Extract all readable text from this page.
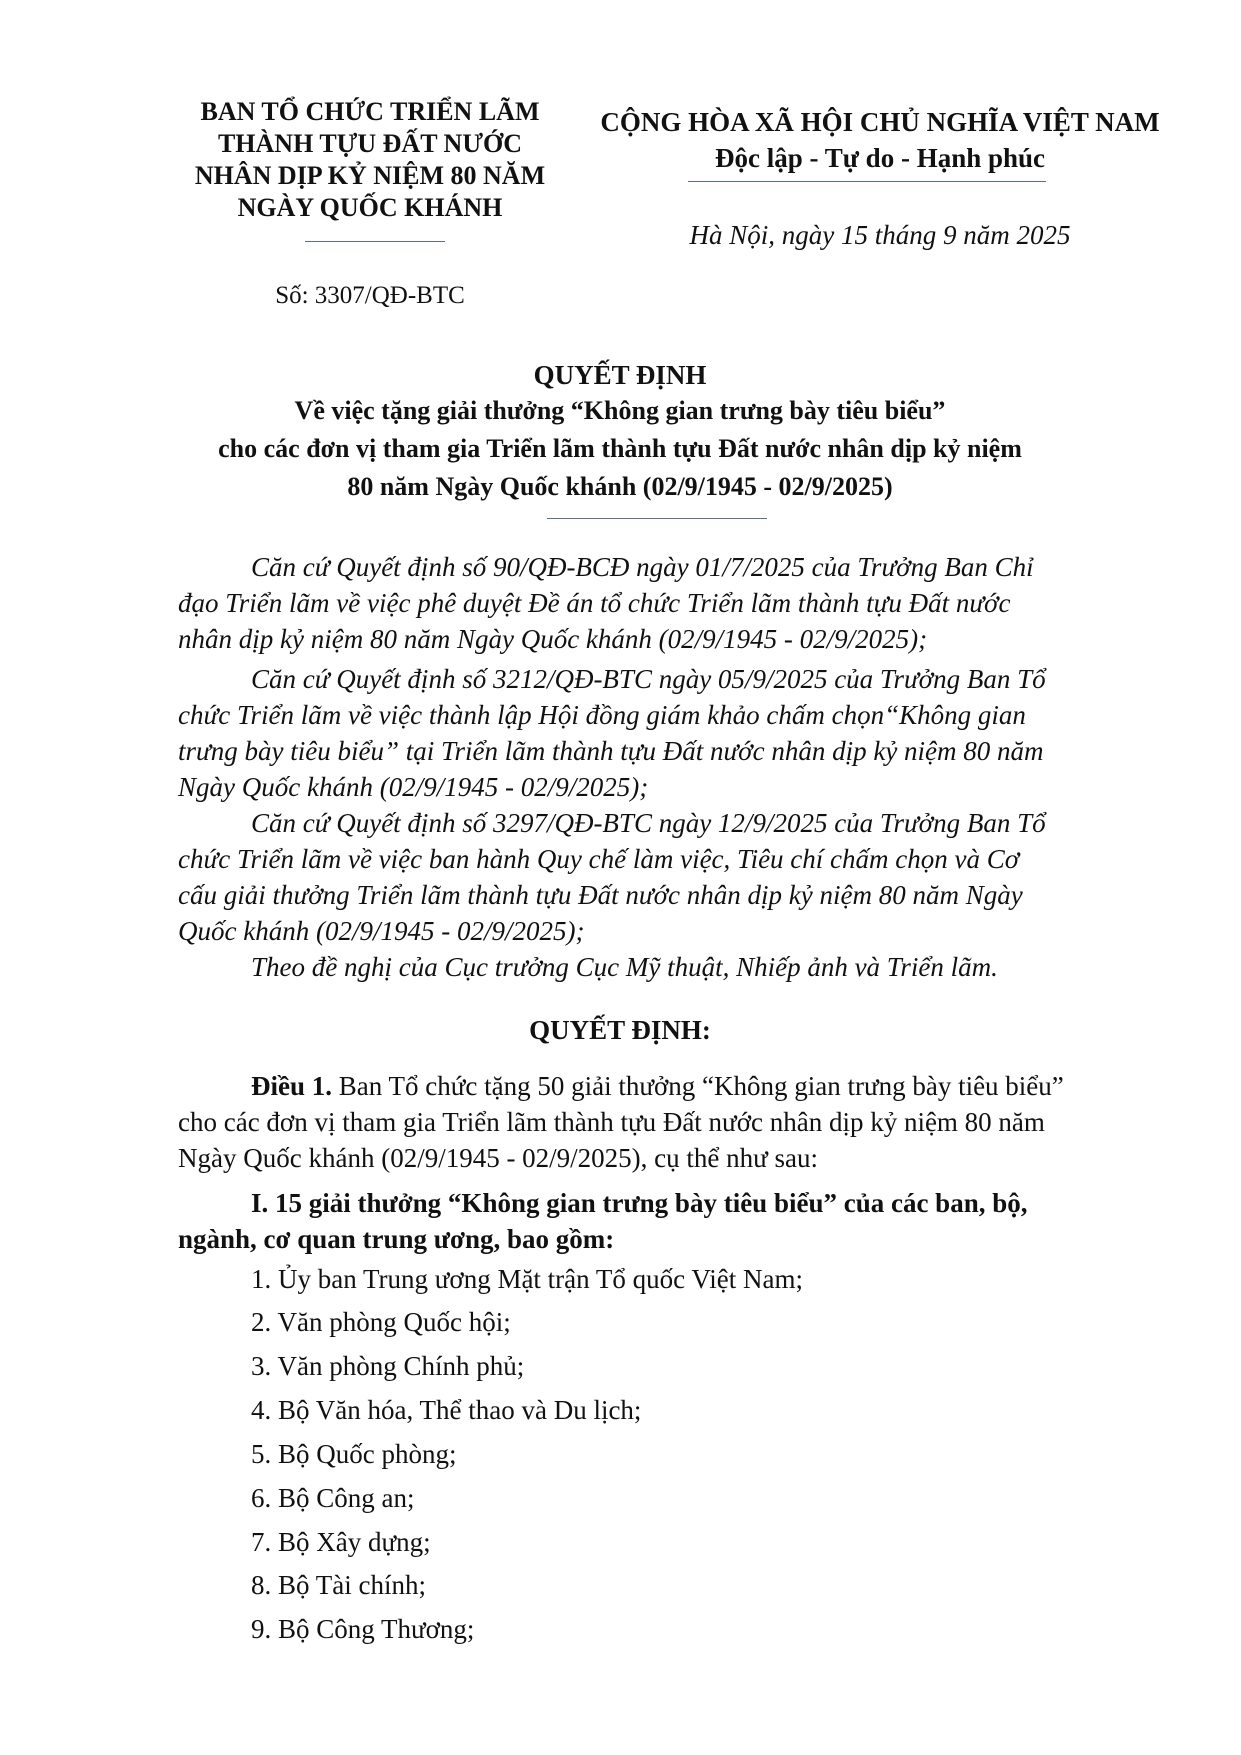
BAN TỔ CHỨC TRIỂN LÃM
THÀNH TỰU ĐẤT NƯỚC
NHÂN DỊP KỶ NIỆM 80 NĂM
NGÀY QUỐC KHÁNH
CỘNG HÒA XÃ HỘI CHỦ NGHĨA VIỆT NAM
Độc lập - Tự do - Hạnh phúc
Hà Nội, ngày 15 tháng 9 năm 2025
Số: 3307/QĐ-BTC
QUYẾT ĐỊNH
Về việc tặng giải thưởng “Không gian trưng bày tiêu biểu”
cho các đơn vị tham gia Triển lãm thành tựu Đất nước nhân dịp kỷ niệm
80 năm Ngày Quốc khánh (02/9/1945 - 02/9/2025)
Căn cứ Quyết định số 90/QĐ-BCĐ ngày 01/7/2025 của Trưởng Ban Chỉ
đạo Triển lãm về việc phê duyệt Đề án tổ chức Triển lãm thành tựu Đất nước
nhân dịp kỷ niệm 80 năm Ngày Quốc khánh (02/9/1945 - 02/9/2025);
Căn cứ Quyết định số 3212/QĐ-BTC ngày 05/9/2025 của Trưởng Ban Tổ
chức Triển lãm về việc thành lập Hội đồng giám khảo chấm chọn“Không gian
trưng bày tiêu biểu” tại Triển lãm thành tựu Đất nước nhân dịp kỷ niệm 80 năm
Ngày Quốc khánh (02/9/1945 - 02/9/2025);
Căn cứ Quyết định số 3297/QĐ-BTC ngày 12/9/2025 của Trưởng Ban Tổ
chức Triển lãm về việc ban hành Quy chế làm việc, Tiêu chí chấm chọn và Cơ
cấu giải thưởng Triển lãm thành tựu Đất nước nhân dịp kỷ niệm 80 năm Ngày
Quốc khánh (02/9/1945 - 02/9/2025);
Theo đề nghị của Cục trưởng Cục Mỹ thuật, Nhiếp ảnh và Triển lãm.
QUYẾT ĐỊNH:
Điều 1. Ban Tổ chức tặng 50 giải thưởng “Không gian trưng bày tiêu biểu”
cho các đơn vị tham gia Triển lãm thành tựu Đất nước nhân dịp kỷ niệm 80 năm
Ngày Quốc khánh (02/9/1945 - 02/9/2025), cụ thể như sau:
I. 15 giải thưởng “Không gian trưng bày tiêu biểu” của các ban, bộ,
ngành, cơ quan trung ương, bao gồm:
1. Ủy ban Trung ương Mặt trận Tổ quốc Việt Nam;
2. Văn phòng Quốc hội;
3. Văn phòng Chính phủ;
4. Bộ Văn hóa, Thể thao và Du lịch;
5. Bộ Quốc phòng;
6. Bộ Công an;
7. Bộ Xây dựng;
8. Bộ Tài chính;
9. Bộ Công Thương;
